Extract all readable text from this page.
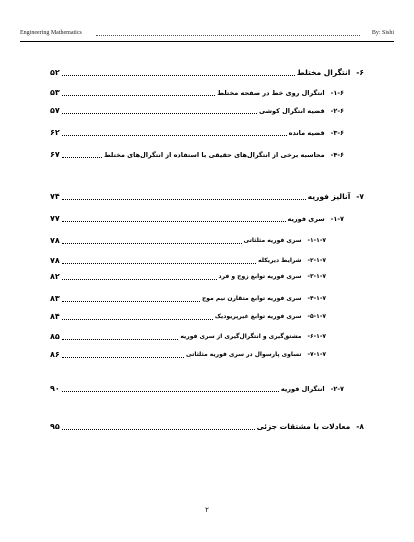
Engineering Mathematics	By: Sishi
۵۲	انتگرال مختلط -۶
۵۳	انتگرال روی خط در صفحه مختلط -۱-۶
۵۷	قضیه انتگرال کوشی -۲-۶
۶۲	قضیه مانده -۳-۶
۶۷	محاسبه برخی از انتگرال‌های حقیقی با استفاده از انتگرال‌های مختلط -۴-۶
۷۴	آنالیز فوریه -۷
۷۷	سری فوریه -۱-۷
۷۸	سری فوریه مثلثاتی -۱-۱-۷
۷۸	شرایط دیریکله -۲-۱-۷
۸۲	سری فوریه توابع زوج و فرد -۳-۱-۷
۸۳	سری فوریه توابع متقارن نیم موج -۴-۱-۷
۸۴	سری فوریه توابع غیرپریودیک -۵-۱-۷
۸۵	مشتق‌گیری و انتگرال‌گیری از سری فوریه -۶-۱-۷
۸۶	تساوی پارسوال در سری فوریه مثلثاتی -۷-۱-۷
۹۰	انتگرال فوریه -۲-۷
۹۵	معادلات با مشتقات جزئی -۸
۲
